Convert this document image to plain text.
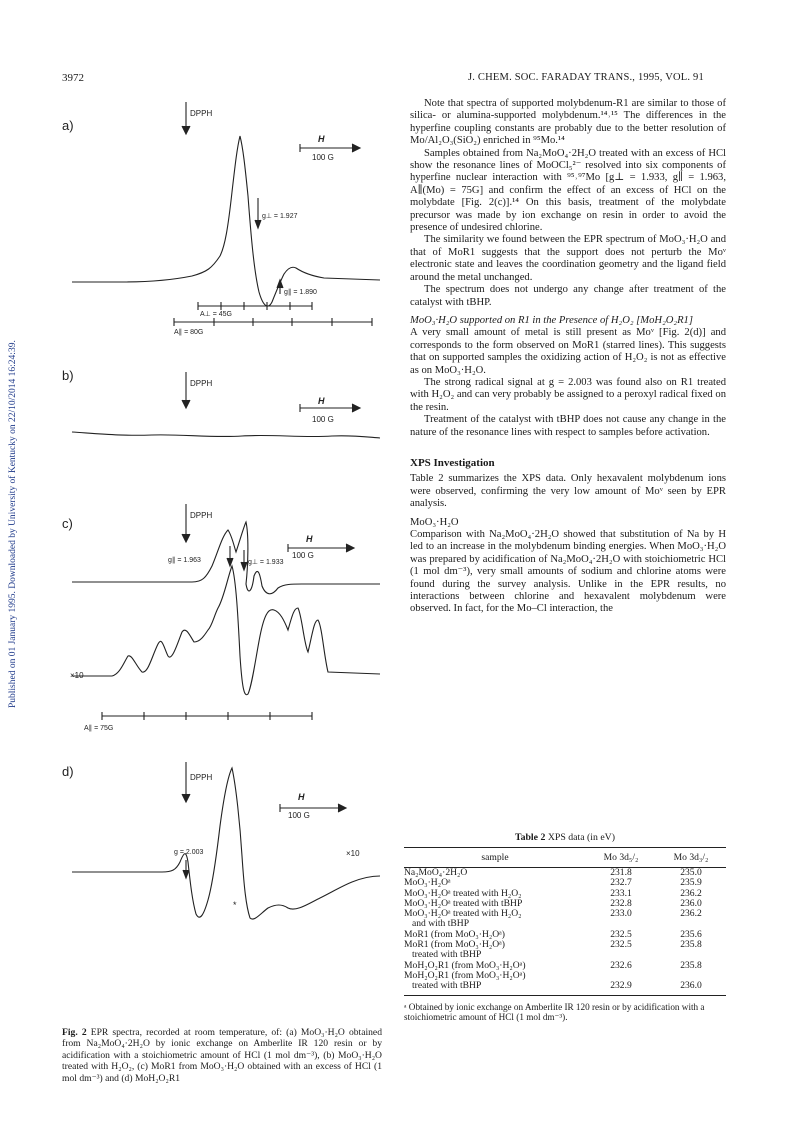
3972	J. CHEM. SOC. FARADAY TRANS., 1995, VOL. 91
Published on 01 January 1995. Downloaded by University of Kentucky on 22/10/2014 16:24:39.
a)
DPPH
H
100 G
g⊥ = 1.927
g∥ = 1.890
A⊥ = 45G
A∥ = 80G
b)
DPPH
H
100 G
c)
DPPH
H
100 G
g∥ = 1.963	g⊥ = 1.933
×10
A∥ = 75G
d)	DPPH
H
100 G
g = 2.003	×10
*
Fig. 2 EPR spectra, recorded at room temperature, of: (a) MoO₃·H₂O obtained from Na₂MoO₄·2H₂O by ionic exchange on Amberlite IR 120 resin or by acidification with a stoichiometric amount of HCl (1 mol dm⁻³), (b) MoO₃·H₂O treated with H₂O₂, (c) MoR1 from MoO₃·H₂O obtained with an excess of HCl (1 mol dm⁻³) and (d) MoH₂O₂R1

Note that spectra of supported molybdenum-R1 are similar to those of silica- or alumina-supported molybdenum.¹⁴˒¹⁵ The differences in the hyperfine coupling constants are probably due to the better resolution of Mo/Al₂O₃(SiO₂) enriched in ⁹⁵Mo.¹⁴

Samples obtained from Na₂MoO₄·2H₂O treated with an excess of HCl show the resonance lines of MoOCl₅²⁻ resolved into six components of hyperfine nuclear interaction with ⁹⁵˒⁹⁷Mo [g⊥ = 1.933, g∥ = 1.963, A∥(Mo) = 75G] and confirm the effect of an excess of HCl on the molybdate [Fig. 2(c)].¹⁴ On this basis, treatment of the molybdate precursor was made by ion exchange on resin in order to avoid the presence of undesired chlorine.

The similarity we found between the EPR spectrum of MoO₃·H₂O and that of MoR1 suggests that the support does not perturb the Moᵛ electronic state and leaves the coordination geometry and the ligand field around the metal unchanged.

The spectrum does not undergo any change after treatment of the catalyst with tBHP.

MoO₃·H₂O supported on R1 in the Presence of H₂O₂ [MoH₂O₂R1]

A very small amount of metal is still present as Moᵛ [Fig. 2(d)] and corresponds to the form observed on MoR1 (starred lines). This suggests that on supported samples the oxidizing action of H₂O₂ is not as effective as on MoO₃·H₂O.

The strong radical signal at g = 2.003 was found also on R1 treated with H₂O₂ and can very probably be assigned to a peroxyl radical fixed on the resin.

Treatment of the catalyst with tBHP does not cause any change in the nature of the resonance lines with respect to samples before activation.

XPS Investigation

Table 2 summarizes the XPS data. Only hexavalent molybdenum ions were observed, confirming the very low amount of Moᵛ seen by EPR analysis.

MoO₃·H₂O

Comparison with Na₂MoO₄·2H₂O showed that substitution of Na by H led to an increase in the molybdenum binding energies. When MoO₃·H₂O was prepared by acidification of Na₂MoO₄·2H₂O with stoichiometric HCl (1 mol dm⁻³), very small amounts of sodium and chlorine atoms were found during the survey analysis. Unlike in the EPR results, no interactions between chlorine and hexavalent molybdenum were observed. In fact, for the Mo–Cl interaction, the

Table 2 XPS data (in eV)
sample	Mo 3d₅/₂	Mo 3d₃/₂
Na₂MoO₄·2H₂O	231.8	235.0
MoO₃·H₂Oᵃ	232.7	235.9
MoO₃·H₂Oᵃ treated with H₂O₂	233.1	236.2
MoO₃·H₂Oᵃ treated with tBHP	232.8	236.0
MoO₃·H₂Oᵃ treated with H₂O₂	233.0	236.2
and with tBHP		
MoR1 (from MoO₃·H₂Oᵃ)	232.5	235.6
MoR1 (from MoO₃·H₂Oᵃ)	232.5	235.8
treated with tBHP		
MoH₂O₂R1 (from MoO₃·H₂Oᵃ)	232.6	235.8
MoH₂O₂R1 (from MoO₃·H₂Oᵃ)		
treated with tBHP	232.9	236.0
ᵃ Obtained by ionic exchange on Amberlite IR 120 resin or by acidification with a stoichiometric amount of HCl (1 mol dm⁻³).
